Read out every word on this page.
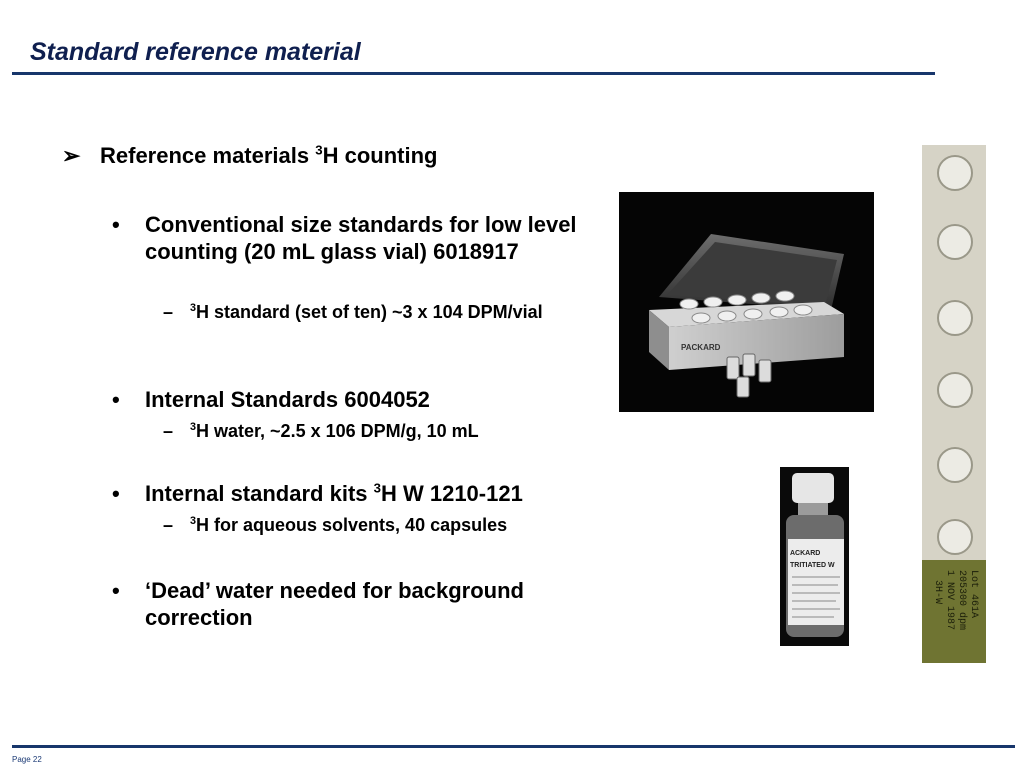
Standard reference material
➢ Reference materials $^3$H counting
•	Conventional size standards for low level counting (20 mL glass vial) 6018917
–	$^3$H standard (set of ten) ~3 x 104 DPM/vial
•	Internal Standards 6004052
–	$^3$H water, ~2.5 x 106 DPM/g, 10 mL
•	Internal standard kits $^3$H W 1210-121
–	$^3$H for aqueous solvents, 40 capsules
•	‘Dead’ water needed for background correction
PACKARD
ACKARD
TRITIATED W
3H-W 1 NOV 1987 205300 dpm Lot 461A
Page 22
